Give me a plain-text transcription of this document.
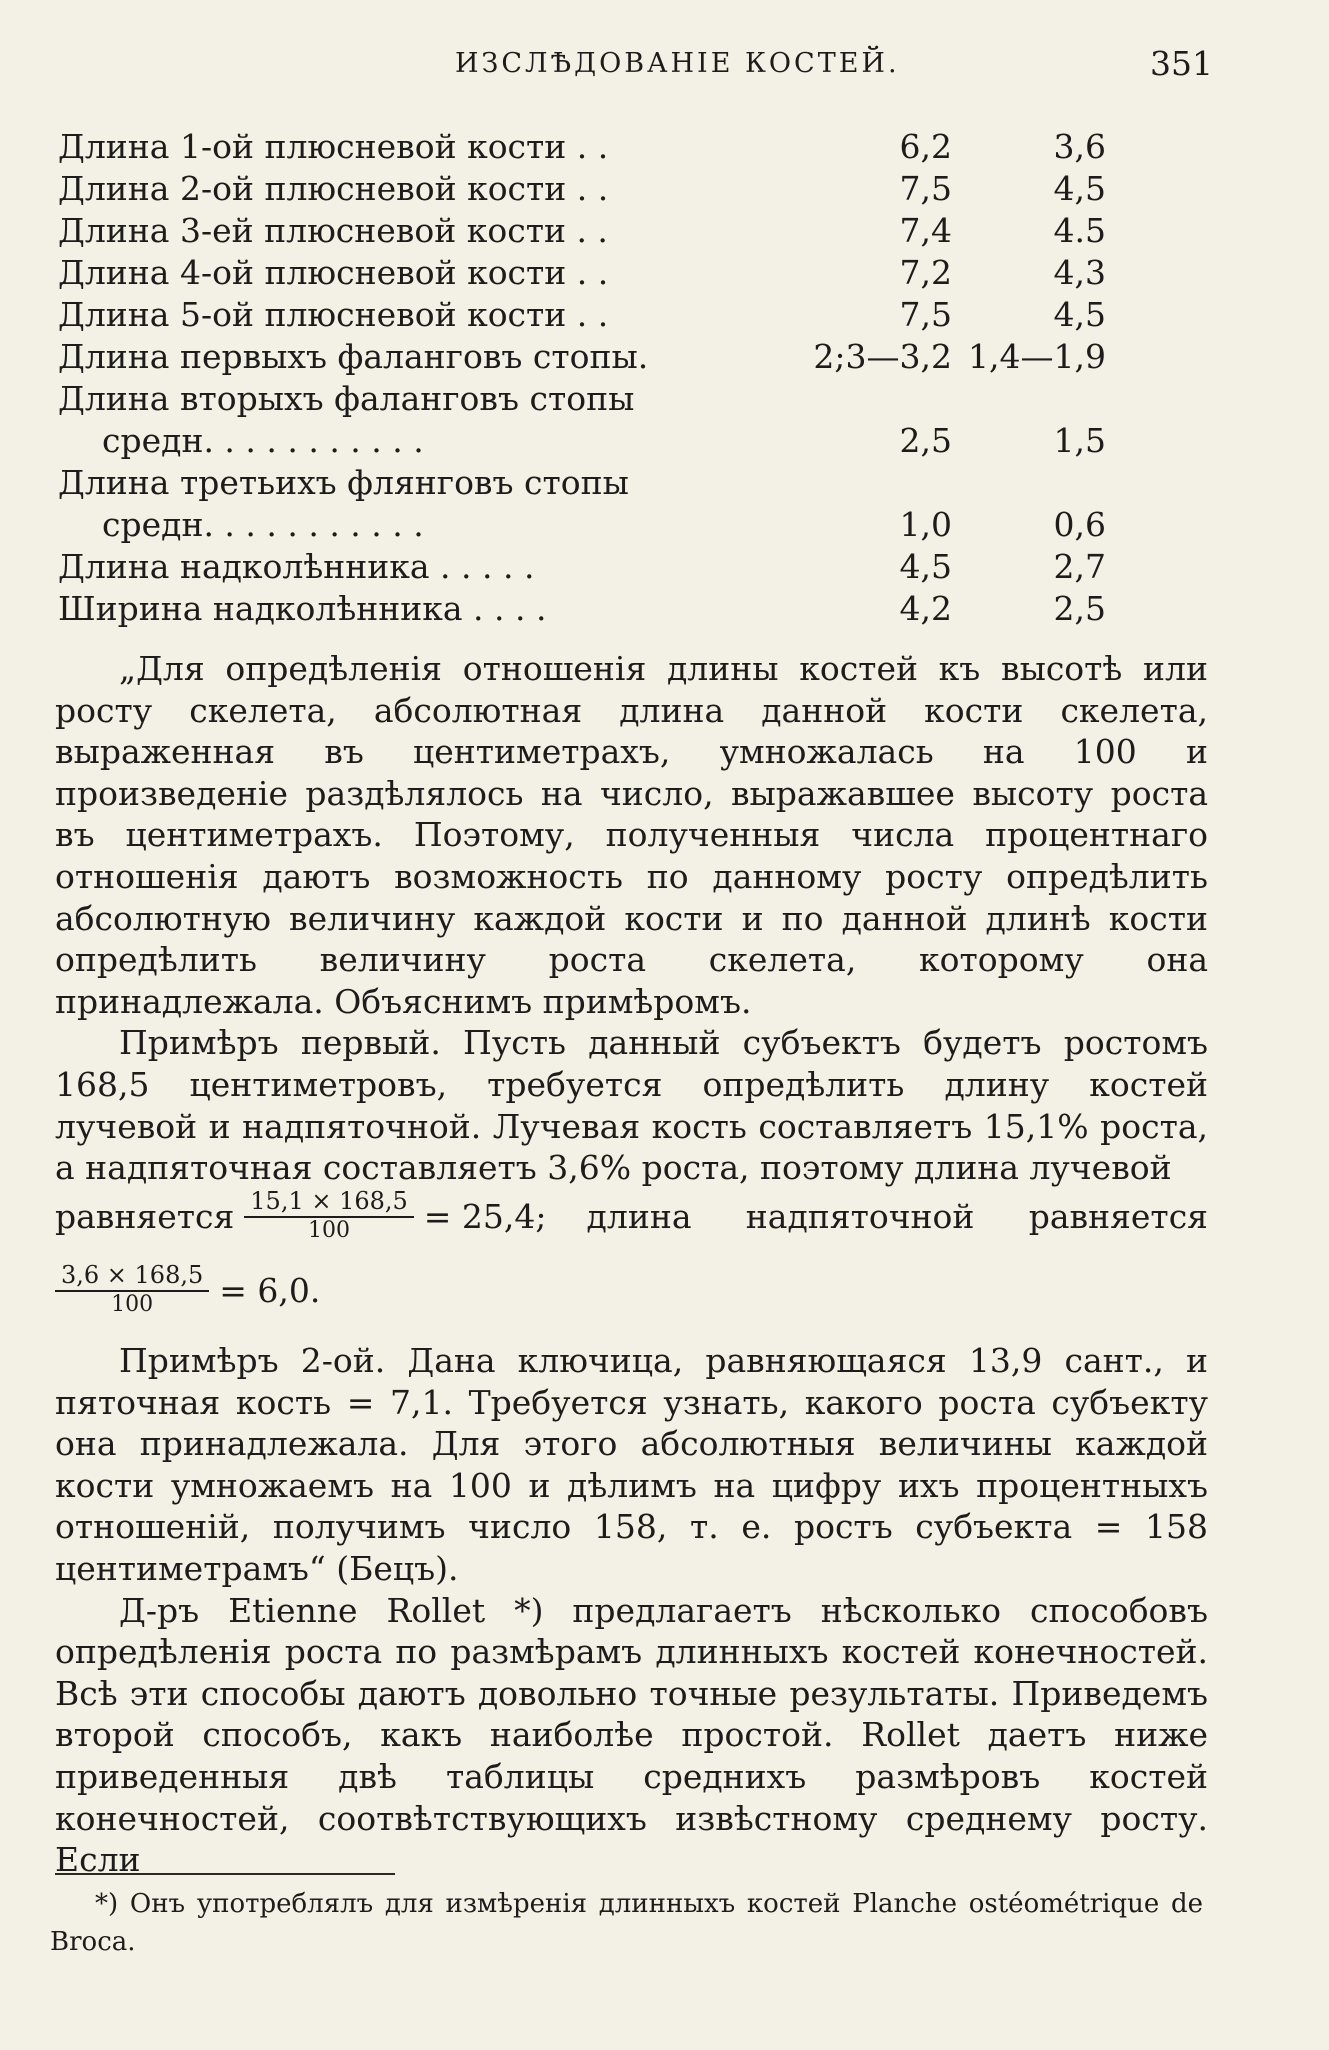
ИЗСЛѢДОВАНІЕ КОСТЕЙ.	351
Длина 1-ой плюсневой кости . .	6,2	3,6
Длина 2-ой плюсневой кости . .	7,5	4,5
Длина 3-ей плюсневой кости . .	7,4	4.5
Длина 4-ой плюсневой кости . .	7,2	4,3
Длина 5-ой плюсневой кости . .	7,5	4,5
Длина первыхъ фаланговъ стопы.	2;3—3,2	1,4—1,9
Длина вторыхъ фаланговъ стопы		
средн. . . . . . . . . . .	2,5	1,5
Длина третьихъ флянговъ стопы		
средн. . . . . . . . . . .	1,0	0,6
Длина надколѣнника . . . . .	4,5	2,7
Ширина надколѣнника . . . .	4,2	2,5

„Для опредѣленія отношенія длины костей къ высотѣ или росту скелета, абсолютная длина данной кости скелета, выраженная въ центиметрахъ, умножалась на 100 и произведеніе раздѣлялось на число, выражавшее высоту роста въ центиметрахъ. Поэтому, полученныя числа процентнаго отношенія даютъ возможность по данному росту опредѣлить абсолютную величину каждой кости и по данной длинѣ кости опредѣлить величину роста скелета, которому она принадлежала. Объяснимъ примѣромъ.

Примѣръ первый. Пусть данный субъектъ будетъ ростомъ 168,5 центиметровъ, требуется опредѣлить длину костей лучевой и надпяточной. Лучевая кость составляетъ 15,1% роста, а надпяточная составляетъ 3,6% роста, поэтому длина лучевой

равняется $\frac{15,1 \times 168,5}{100} = 25,4$; длина надпяточной равняется
$\frac{3,6 \times 168,5}{100} = 6,0$.

Примѣръ 2-ой. Дана ключица, равняющаяся 13,9 сант., и пяточная кость = 7,1. Требуется узнать, какого роста субъекту она принадлежала. Для этого абсолютныя величины каждой кости умножаемъ на 100 и дѣлимъ на цифру ихъ процентныхъ отношеній, получимъ число 158, т. е. ростъ субъекта = 158 центиметрамъ“ (Бецъ).

Д-ръ Etienne Rollet *) предлагаетъ нѣсколько способовъ опредѣленія роста по размѣрамъ длинныхъ костей конечностей. Всѣ эти способы даютъ довольно точные результаты. Приведемъ второй способъ, какъ наиболѣе простой. Rollet даетъ ниже приведенныя двѣ таблицы среднихъ размѣровъ костей конечностей, соотвѣтствующихъ извѣстному среднему росту. Если

*) Онъ употреблялъ для измѣренія длинныхъ костей Planche ostéométrique de Broca.
